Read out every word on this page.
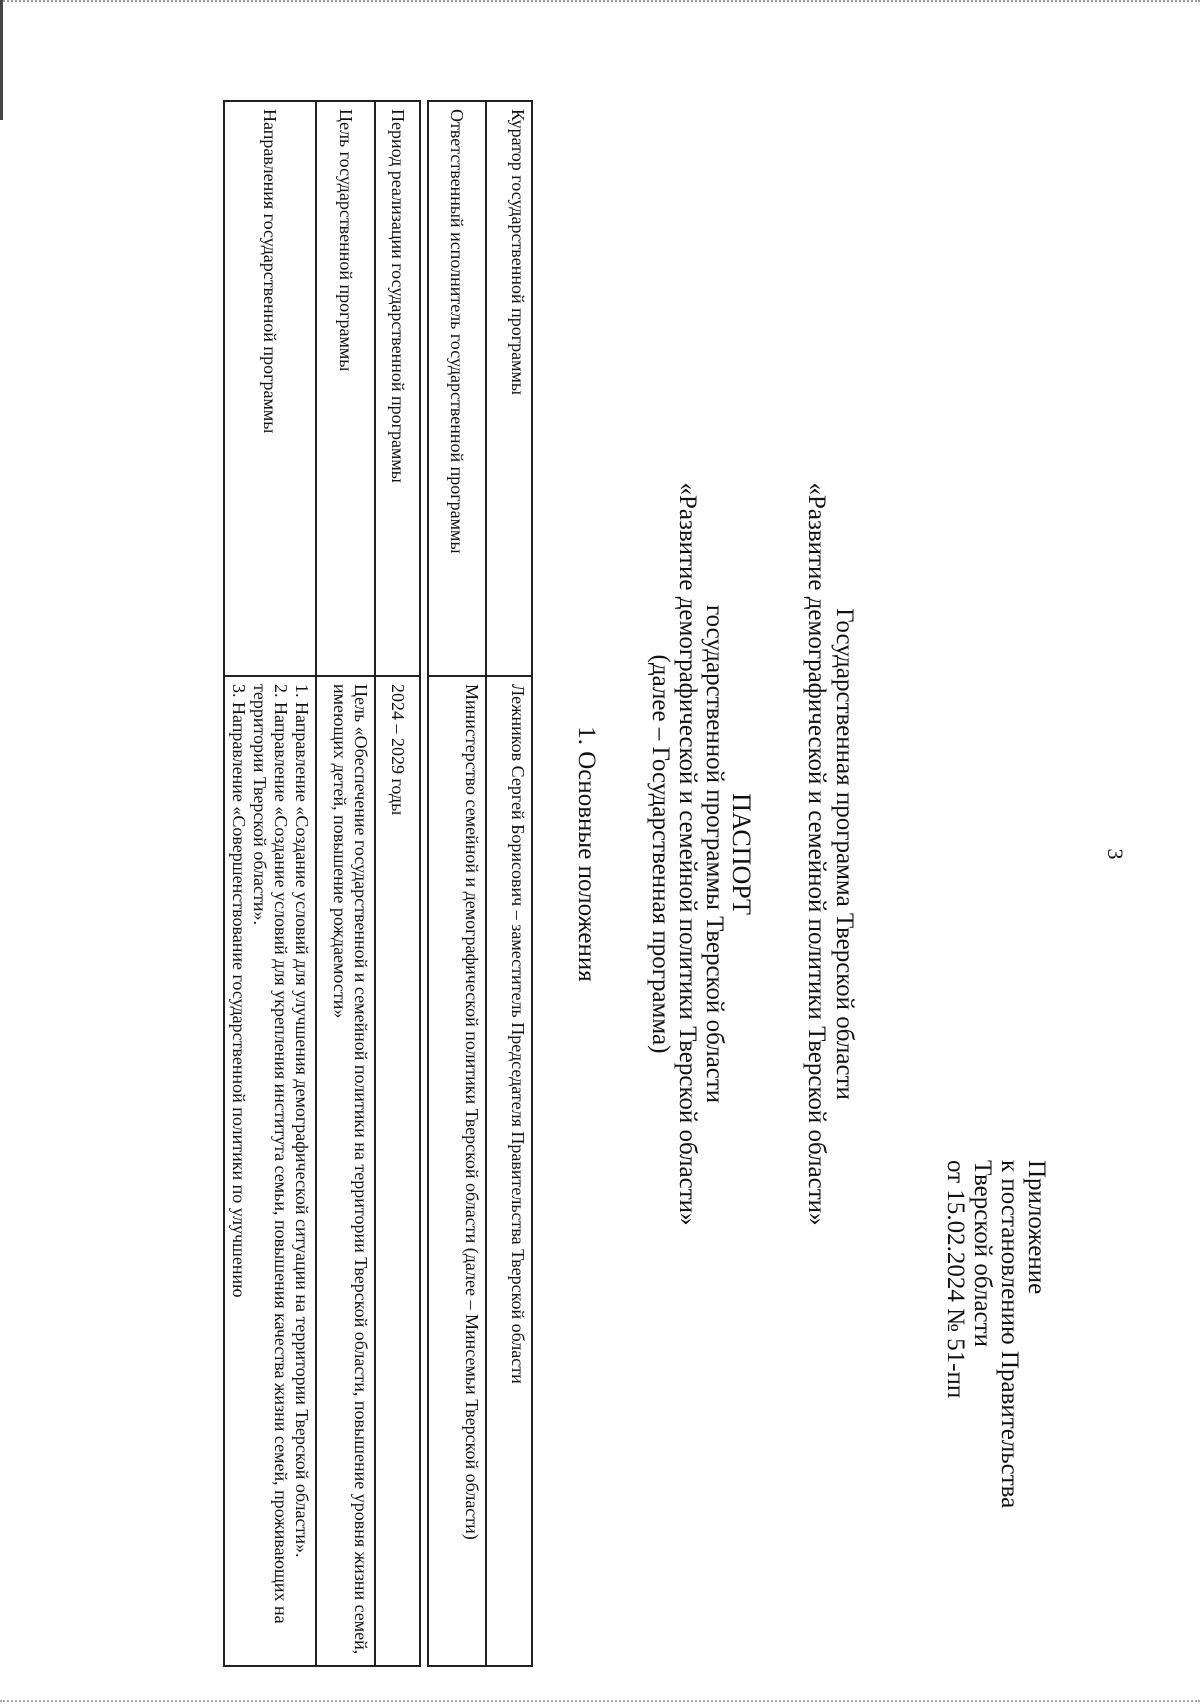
3
Приложение
к постановлению Правительства
Тверской области
от 15.02.2024 № 51-пп
Государственная программа Тверской области
«Развитие демографической и семейной политики Тверской области»
ПАСПОРТ
государственной программы Тверской области
«Развитие демографической и семейной политики Тверской области»
(далее – Государственная программа)
1. Основные положения
Куратор государственной программы	Лежников Сергей Борисович – заместитель Председателя Правительства Тверской области
Ответственный исполнитель государственной программы	Министерство семейной и демографической политики Тверской области (далее – Минсемьи Тверской области)

Период реализации государственной программы	2024 – 2029 годы
Цель государственной программы	Цель «Обеспечение государственной и семейной политики на территории Тверской области, повышение уровня жизни семей, имеющих детей, повышение рождаемости»
Направления государственной программы	1. Направление «Создание условий для улучшения демографической ситуации на территории Тверской области».
2. Направление «Создание условий для укрепления института семьи, повышения качества жизни семей, проживающих на территории Тверской области».
3. Направление «Совершенствование государственной политики по улучшению
